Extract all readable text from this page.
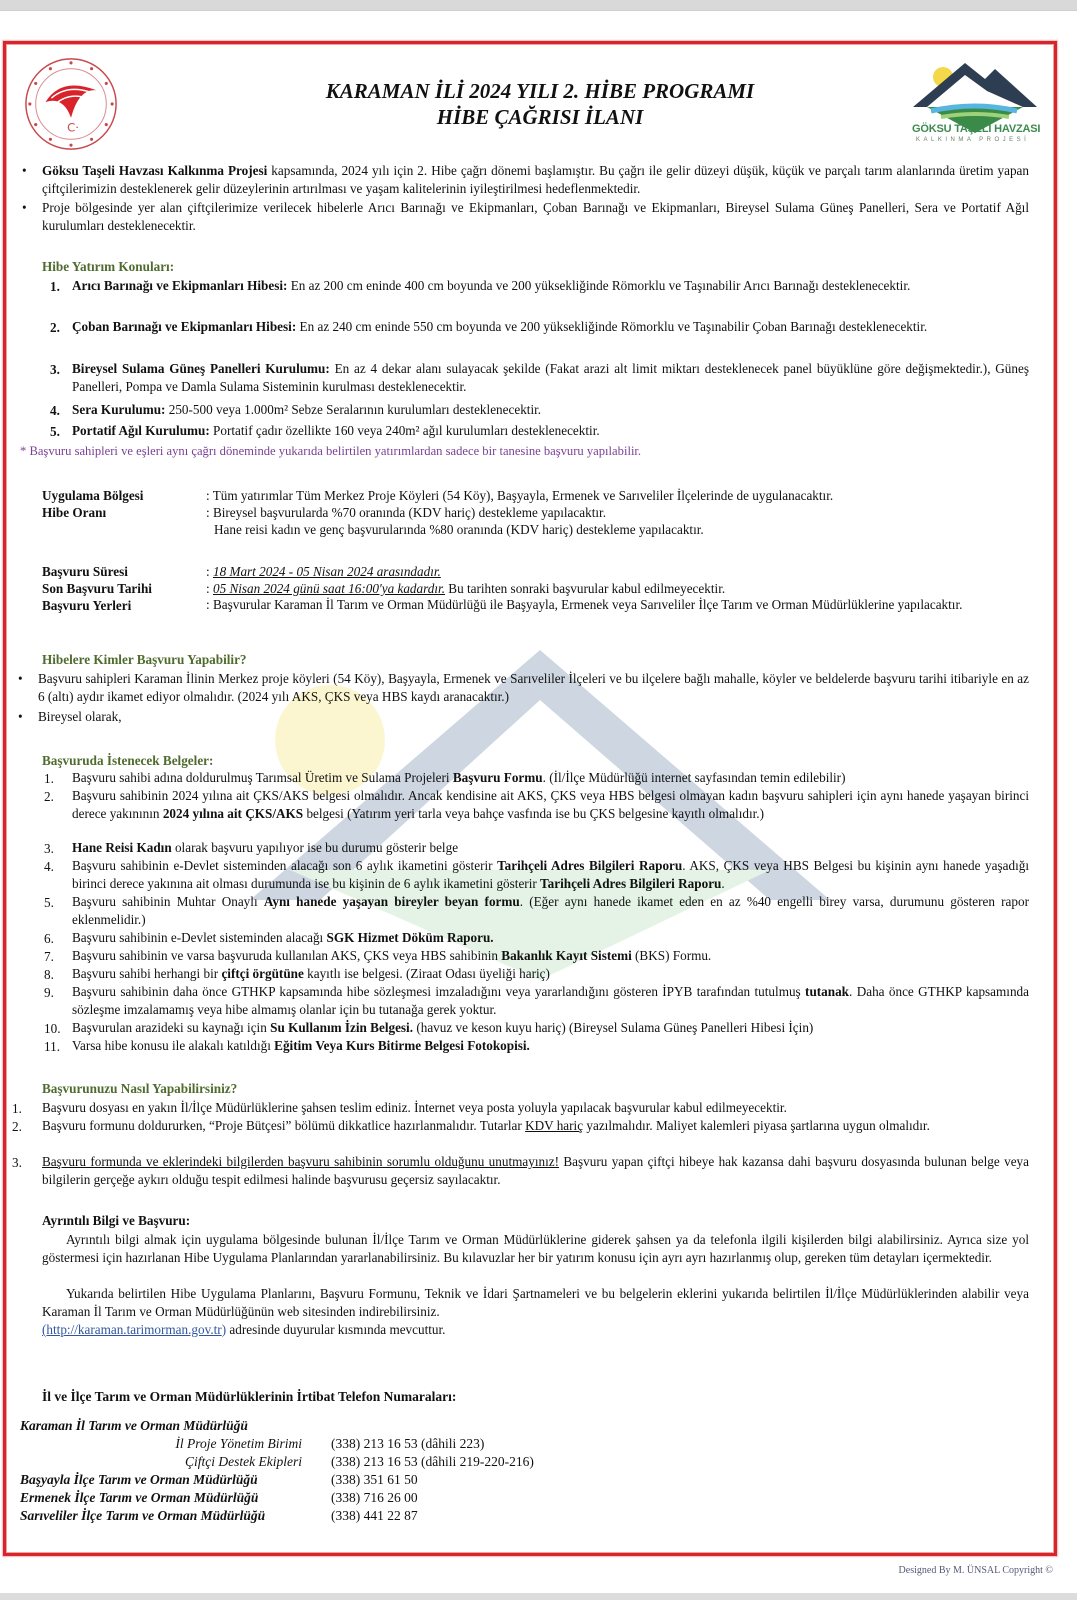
C·
KARAMAN İLİ 2024 YILI 2. HİBE PROGRAMI
HİBE ÇAĞRISI İLANI	GÖKSU TAŞELİ HAVZASI
KALKINMA PROJESİ
• Göksu Taşeli Havzası Kalkınma Projesi kapsamında, 2024 yılı için 2. Hibe çağrı dönemi başlamıştır. Bu çağrı ile gelir düzeyi düşük, küçük ve parçalı tarım alanlarında üretim yapan çiftçilerimizin desteklenerek gelir düzeylerinin artırılması ve yaşam kalitelerinin iyileştirilmesi hedeflenmektedir.
• Proje bölgesinde yer alan çiftçilerimize verilecek hibelerle Arıcı Barınağı ve Ekipmanları, Çoban Barınağı ve Ekipmanları, Bireysel Sulama Güneş Panelleri, Sera ve Portatif Ağıl kurulumları desteklenecektir.
Hibe Yatırım Konuları:
1. Arıcı Barınağı ve Ekipmanları Hibesi: En az 200 cm eninde 400 cm boyunda ve 200 yüksekliğinde Römorklu ve Taşınabilir Arıcı Barınağı desteklenecektir.
2. Çoban Barınağı ve Ekipmanları Hibesi: En az 240 cm eninde 550 cm boyunda ve 200 yüksekliğinde Römorklu ve Taşınabilir Çoban Barınağı desteklenecektir.
3. Bireysel Sulama Güneş Panelleri Kurulumu: En az 4 dekar alanı sulayacak şekilde (Fakat arazi alt limit miktarı desteklenecek panel büyüklüne göre değişmektedir.), Güneş Panelleri, Pompa ve Damla Sulama Sisteminin kurulması desteklenecektir.
4. Sera Kurulumu: 250-500 veya 1.000m² Sebze Seralarının kurulumları desteklenecektir.
5. Portatif Ağıl Kurulumu: Portatif çadır özellikte 160 veya 240m² ağıl kurulumları desteklenecektir.
* Başvuru sahipleri ve eşleri aynı çağrı döneminde yukarıda belirtilen yatırımlardan sadece bir tanesine başvuru yapılabilir.
Uygulama Bölgesi	: Tüm yatırımlar Tüm Merkez Proje Köyleri (54 Köy), Başyayla, Ermenek ve Sarıveliler İlçelerinde de uygulanacaktır.
Hibe Oranı	: Bireysel başvurularda %70 oranında (KDV hariç) destekleme yapılacaktır.
Hane reisi kadın ve genç başvurularında %80 oranında (KDV hariç) destekleme yapılacaktır.
Başvuru Süresi	: 18 Mart 2024 - 05 Nisan 2024 arasındadır.
Son Başvuru Tarihi	: 05 Nisan 2024 günü saat 16:00'ya kadardır. Bu tarihten sonraki başvurular kabul edilmeyecektir.
Başvuru Yerleri	: Başvurular Karaman İl Tarım ve Orman Müdürlüğü ile Başyayla, Ermenek veya Sarıveliler İlçe Tarım ve Orman Müdürlüklerine yapılacaktır.
Hibelere Kimler Başvuru Yapabilir?
• Başvuru sahipleri Karaman İlinin Merkez proje köyleri (54 Köy), Başyayla, Ermenek ve Sarıveliler İlçeleri ve bu ilçelere bağlı mahalle, köyler ve beldelerde başvuru tarihi itibariyle en az 6 (altı) aydır ikamet ediyor olmalıdır. (2024 yılı AKS, ÇKS veya HBS kaydı aranacaktır.)
• Bireysel olarak,
Başvuruda İstenecek Belgeler:
1. Başvuru sahibi adına doldurulmuş Tarımsal Üretim ve Sulama Projeleri Başvuru Formu. (İl/İlçe Müdürlüğü internet sayfasından temin edilebilir)
2. Başvuru sahibinin 2024 yılına ait ÇKS/AKS belgesi olmalıdır. Ancak kendisine ait AKS, ÇKS veya HBS belgesi olmayan kadın başvuru sahipleri için aynı hanede yaşayan birinci derece yakınının 2024 yılına ait ÇKS/AKS belgesi (Yatırım yeri tarla veya bahçe vasfında ise bu ÇKS belgesine kayıtlı olmalıdır.)
3. Hane Reisi Kadın olarak başvuru yapılıyor ise bu durumu gösterir belge
4. Başvuru sahibinin e-Devlet sisteminden alacağı son 6 aylık ikametini gösterir Tarihçeli Adres Bilgileri Raporu. AKS, ÇKS veya HBS Belgesi bu kişinin aynı hanede yaşadığı birinci derece yakınına ait olması durumunda ise bu kişinin de 6 aylık ikametini gösterir Tarihçeli Adres Bilgileri Raporu.
5. Başvuru sahibinin Muhtar Onaylı Aynı hanede yaşayan bireyler beyan formu. (Eğer aynı hanede ikamet eden en az %40 engelli birey varsa, durumunu gösteren rapor eklenmelidir.)
6. Başvuru sahibinin e-Devlet sisteminden alacağı SGK Hizmet Döküm Raporu.
7. Başvuru sahibinin ve varsa başvuruda kullanılan AKS, ÇKS veya HBS sahibinin Bakanlık Kayıt Sistemi (BKS) Formu.
8. Başvuru sahibi herhangi bir çiftçi örgütüne kayıtlı ise belgesi. (Ziraat Odası üyeliği hariç)
9. Başvuru sahibinin daha önce GTHKP kapsamında hibe sözleşmesi imzaladığını veya yararlandığını gösteren İPYB tarafından tutulmuş tutanak. Daha önce GTHKP kapsamında sözleşme imzalamamış veya hibe almamış olanlar için bu tutanağa gerek yoktur.
10. Başvurulan arazideki su kaynağı için Su Kullanım İzin Belgesi. (havuz ve keson kuyu hariç) (Bireysel Sulama Güneş Panelleri Hibesi İçin)
11. Varsa hibe konusu ile alakalı katıldığı Eğitim Veya Kurs Bitirme Belgesi Fotokopisi.
Başvurunuzu Nasıl Yapabilirsiniz?
1. Başvuru dosyası en yakın İl/İlçe Müdürlüklerine şahsen teslim ediniz. İnternet veya posta yoluyla yapılacak başvurular kabul edilmeyecektir.
2. Başvuru formunu doldururken, “Proje Bütçesi” bölümü dikkatlice hazırlanmalıdır. Tutarlar KDV hariç yazılmalıdır. Maliyet kalemleri piyasa şartlarına uygun olmalıdır.
3. Başvuru formunda ve eklerindeki bilgilerden başvuru sahibinin sorumlu olduğunu unutmayınız! Başvuru yapan çiftçi hibeye hak kazansa dahi başvuru dosyasında bulunan belge veya bilgilerin gerçeğe aykırı olduğu tespit edilmesi halinde başvurusu geçersiz sayılacaktır.
Ayrıntılı Bilgi ve Başvuru:
Ayrıntılı bilgi almak için uygulama bölgesinde bulunan İl/İlçe Tarım ve Orman Müdürlüklerine giderek şahsen ya da telefonla ilgili kişilerden bilgi alabilirsiniz. Ayrıca size yol göstermesi için hazırlanan Hibe Uygulama Planlarından yararlanabilirsiniz. Bu kılavuzlar her bir yatırım konusu için ayrı ayrı hazırlanmış olup, gereken tüm detayları içermektedir.
Yukarıda belirtilen Hibe Uygulama Planlarını, Başvuru Formunu, Teknik ve İdari Şartnameleri ve bu belgelerin eklerini yukarıda belirtilen İl/İlçe Müdürlüklerinden alabilir veya Karaman İl Tarım ve Orman Müdürlüğünün web sitesinden indirebilirsiniz.
(http://karaman.tarimorman.gov.tr) adresinde duyurular kısmında mevcuttur.
İl ve İlçe Tarım ve Orman Müdürlüklerinin İrtibat Telefon Numaraları:
Karaman İl Tarım ve Orman Müdürlüğü
İl Proje Yönetim Birimi (338) 213 16 53 (dâhili 223)
Çiftçi Destek Ekipleri (338) 213 16 53 (dâhili 219-220-216)
Başyayla İlçe Tarım ve Orman Müdürlüğü	(338) 351 61 50
Ermenek İlçe Tarım ve Orman Müdürlüğü	(338) 716 26 00
Sarıveliler İlçe Tarım ve Orman Müdürlüğü	(338) 441 22 87
Designed By M. ÜNSAL Copyright ©
